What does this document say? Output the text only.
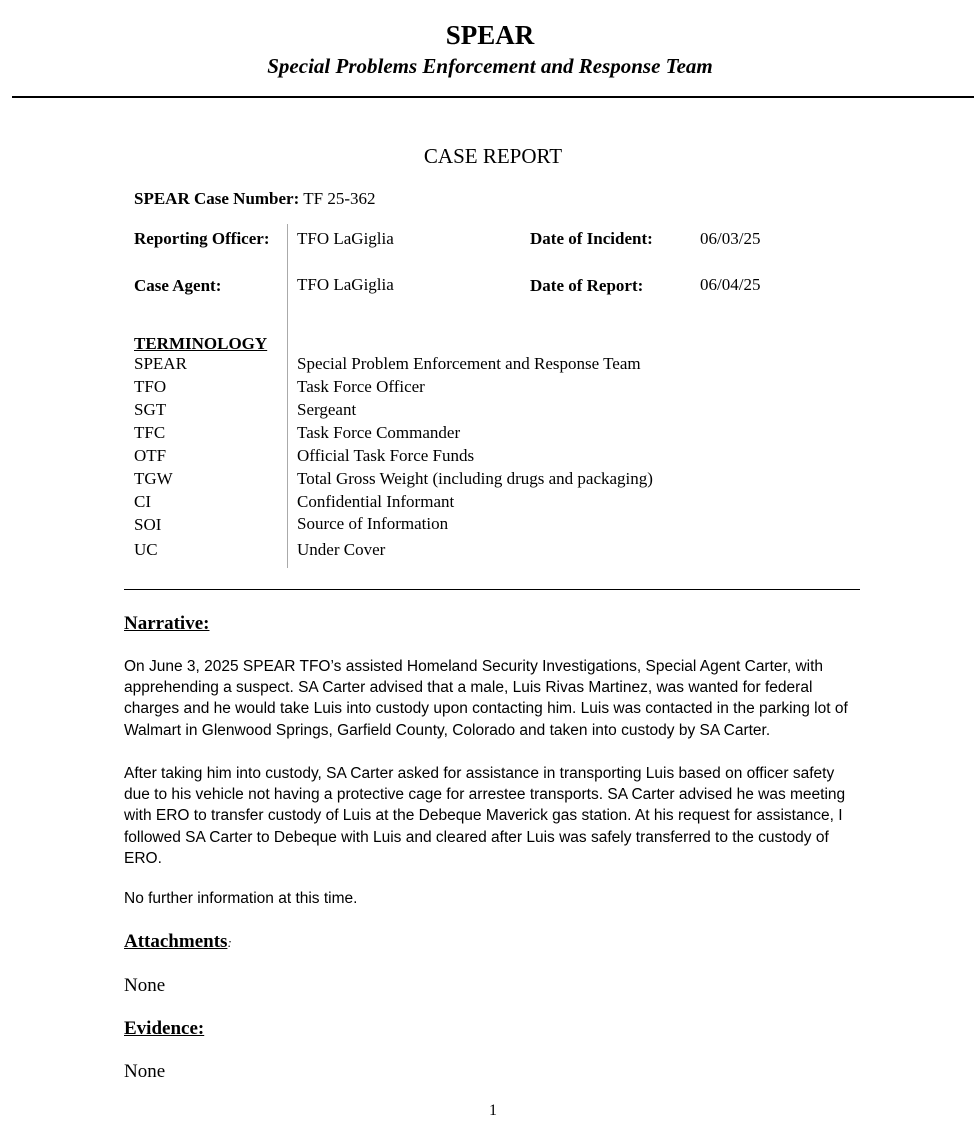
SPEAR
Special Problems Enforcement and Response Team
CASE REPORT
SPEAR Case Number: TF 25-362
Reporting Officer: TFO LaGiglia	Date of Incident:	06/03/25
Case Agent:	TFO LaGiglia	Date of Report:	06/04/25
TERMINOLOGY
SPEAR	Special Problem Enforcement and Response Team
TFO	Task Force Officer
SGT	Sergeant
TFC	Task Force Commander
OTF	Official Task Force Funds
TGW	Total Gross Weight (including drugs and packaging)
CI	Confidential Informant
SOI	Source of Information
UC	Under Cover
Narrative:
On June 3, 2025 SPEAR TFO’s assisted Homeland Security Investigations, Special Agent Carter, with apprehending a suspect. SA Carter advised that a male, Luis Rivas Martinez, was wanted for federal charges and he would take Luis into custody upon contacting him. Luis was contacted in the parking lot of Walmart in Glenwood Springs, Garfield County, Colorado and taken into custody by SA Carter.
After taking him into custody, SA Carter asked for assistance in transporting Luis based on officer safety due to his vehicle not having a protective cage for arrestee transports. SA Carter advised he was meeting with ERO to transfer custody of Luis at the Debeque Maverick gas station. At his request for assistance, I followed SA Carter to Debeque with Luis and cleared after Luis was safely transferred to the custody of ERO.
No further information at this time.
Attachments:
None
Evidence:
None
1
